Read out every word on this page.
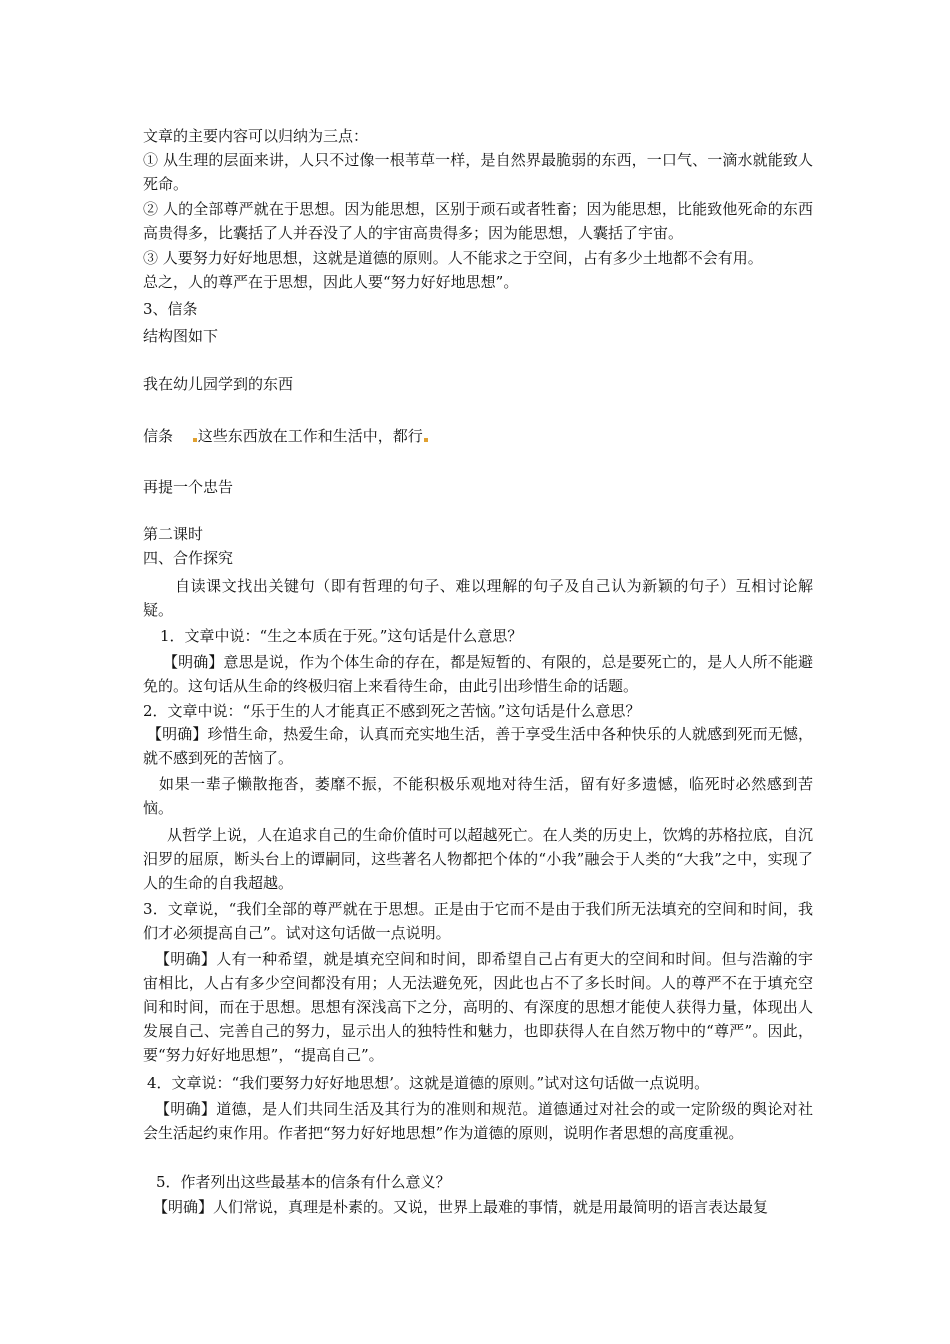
文章的主要内容可以归纳为三点：
① 从生理的层面来讲，人只不过像一根苇草一样，是自然界最脆弱的东西，一口气、一滴水就能致人死命。
② 人的全部尊严就在于思想。因为能思想，区别于顽石或者牲畜；因为能思想，比能致他死命的东西高贵得多，比囊括了人并吞没了人的宇宙高贵得多；因为能思想，人囊括了宇宙。
③ 人要努力好好地思想，这就是道德的原则。人不能求之于空间，占有多少土地都不会有用。
总之，人的尊严在于思想，因此人要“努力好好地思想”。
3、信条
结构图如下
我在幼儿园学到的东西
信条 这些东西放在工作和生活中，都行
再提一个忠告
第二课时
四、合作探究
自读课文找出关键句（即有哲理的句子、难以理解的句子及自己认为新颖的句子）互相讨论解疑。
1．文章中说：“生之本质在于死。”这句话是什么意思？
【明确】意思是说，作为个体生命的存在，都是短暂的、有限的，总是要死亡的，是人人所不能避免的。这句话从生命的终极归宿上来看待生命，由此引出珍惜生命的话题。
2．文章中说：“乐于生的人才能真正不感到死之苦恼。”这句话是什么意思？
【明确】珍惜生命，热爱生命，认真而充实地生活，善于享受生活中各种快乐的人就感到死而无憾，就不感到死的苦恼了。
如果一辈子懒散拖沓，萎靡不振，不能积极乐观地对待生活，留有好多遗憾，临死时必然感到苦恼。
从哲学上说，人在追求自己的生命价值时可以超越死亡。在人类的历史上，饮鸩的苏格拉底，自沉汨罗的屈原，断头台上的谭嗣同，这些著名人物都把个体的“小我”融会于人类的“大我”之中，实现了人的生命的自我超越。
3．文章说，“我们全部的尊严就在于思想。正是由于它而不是由于我们所无法填充的空间和时间，我们才必须提高自己”。试对这句话做一点说明。
【明确】人有一种希望，就是填充空间和时间，即希望自己占有更大的空间和时间。但与浩瀚的宇宙相比，人占有多少空间都没有用；人无法避免死，因此也占不了多长时间。人的尊严不在于填充空间和时间，而在于思想。思想有深浅高下之分，高明的、有深度的思想才能使人获得力量，体现出人发展自己、完善自己的努力，显示出人的独特性和魅力，也即获得人在自然万物中的“尊严”。因此，要“努力好好地思想”，“提高自己”。
4．文章说：“我们要努力好好地思想’。这就是道德的原则。”试对这句话做一点说明。
【明确】道德，是人们共同生活及其行为的准则和规范。道德通过对社会的或一定阶级的舆论对社会生活起约束作用。作者把“努力好好地思想”作为道德的原则，说明作者思想的高度重视。
5．作者列出这些最基本的信条有什么意义？
【明确】人们常说，真理是朴素的。又说，世界上最难的事情，就是用最简明的语言表达最复
